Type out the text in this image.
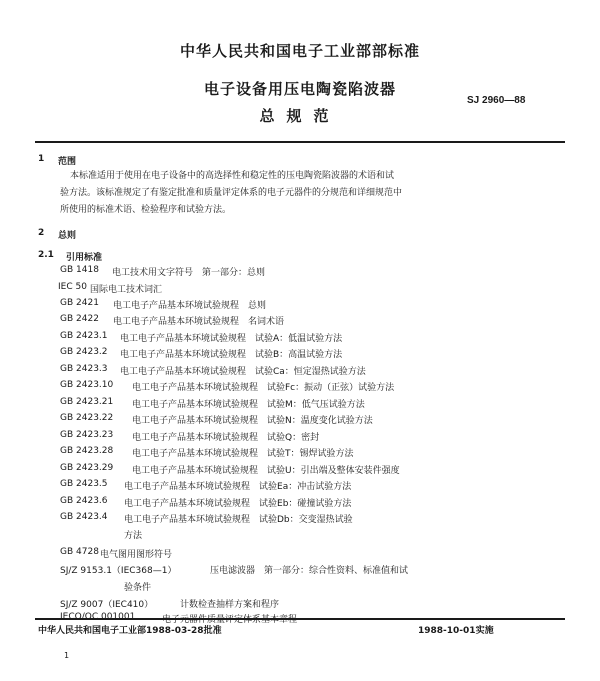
中华人民共和国电子工业部部标准
电子设备用压电陶瓷陷波器
总规范
SJ 2960—88
1 范围
本标准适用于使用在电子设备中的高选择性和稳定性的压电陶瓷陷波器的术语和试
验方法。该标准规定了有鉴定批准和质量评定体系的电子元器件的分规范和详细规范中
所使用的标准术语、检验程序和试验方法。
2 总则
2.1 引用标准
GB 1418 电工技术用文字符号　第一部分：总则
IEC 50 国际电工技术词汇
GB 2421 电工电子产品基本环境试验规程　总则
GB 2422 电工电子产品基本环境试验规程　名词术语
GB 2423.1 电工电子产品基本环境试验规程　试验A：低温试验方法
GB 2423.2 电工电子产品基本环境试验规程　试验B：高温试验方法
GB 2423.3 电工电子产品基本环境试验规程　试验Ca：恒定湿热试验方法
GB 2423.10 电工电子产品基本环境试验规程　试验Fc：振动（正弦）试验方法
GB 2423.21 电工电子产品基本环境试验规程　试验M：低气压试验方法
GB 2423.22 电工电子产品基本环境试验规程　试验N：温度变化试验方法
GB 2423.23 电工电子产品基本环境试验规程　试验Q：密封
GB 2423.28 电工电子产品基本环境试验规程　试验T：锡焊试验方法
GB 2423.29 电工电子产品基本环境试验规程　试验U：引出端及整体安装件强度
GB 2423.5 电工电子产品基本环境试验规程　试验Ea：冲击试验方法
GB 2423.6 电工电子产品基本环境试验规程　试验Eb：碰撞试验方法
GB 2423.4 电工电子产品基本环境试验规程　试验Db：交变湿热试验
方法
GB 4728 电气图用图形符号
SJ/Z 9153.1（IEC368—1）	压电滤波器　第一部分：综合性资料、标准值和试
验条件
SJ/Z 9007（IEC410）	计数检查抽样方案和程序
IECQ/QC 001001	电子元器件质量评定体系基本章程
中华人民共和国电子工业部1988-03-28批准	1988-10-01实施
1
